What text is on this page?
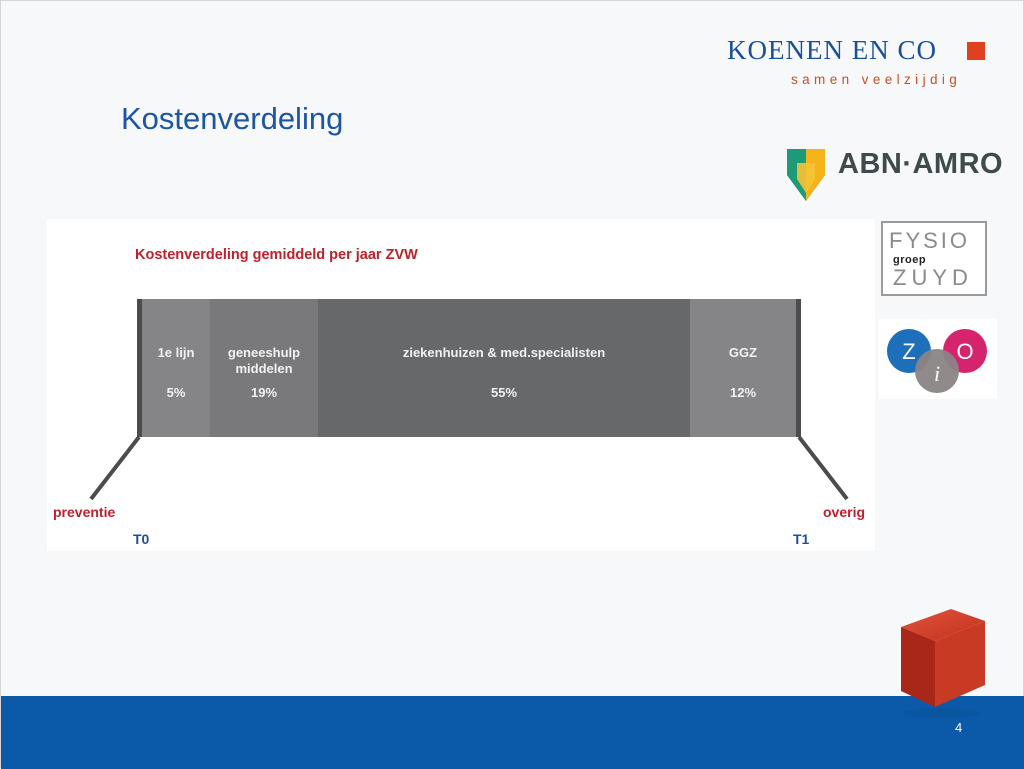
KOENEN EN CO
samen veelzijdig
Kostenverdeling
ABN·AMRO
FYSIO
groep
ZUYD
Z O
i
Kostenverdeling gemiddeld per jaar ZVW
1e lijn
5%
geneeshulp
middelen
19%
ziekenhuizen & med.specialisten
55%
GGZ
12%
preventie	overig
T0	T1
4
